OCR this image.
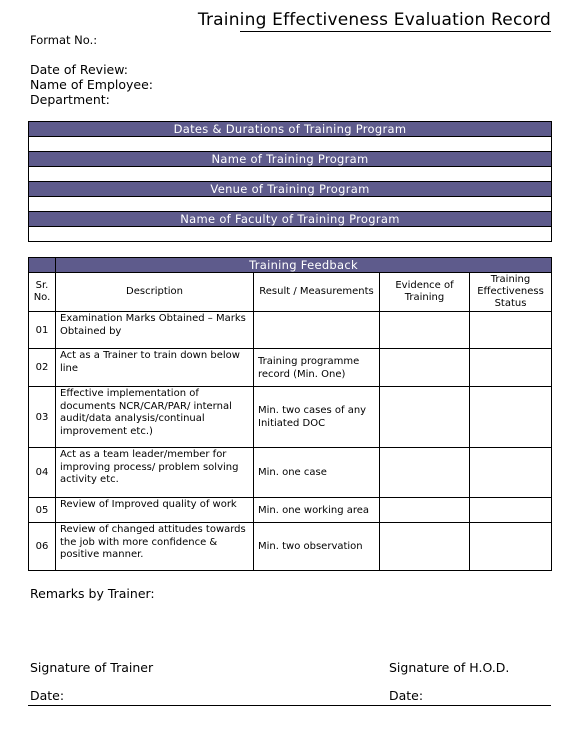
Training Effectiveness Evaluation Record
Format No.:
Date of Review:
Name of Employee:
Department:
Dates & Durations of Training Program
Name of Training Program
Venue of Training Program
Name of Faculty of Training Program
	Training Feedback			
Sr. No.	Description	Result / Measurements	Evidence of Training	Training Effectiveness Status
01	Examination Marks Obtained – Marks Obtained by			
02	Act as a Trainer to train down below line	Training programme record (Min. One)		
03	Effective implementation of documents NCR/CAR/PAR/ internal audit/data analysis/continual improvement etc.)	Min. two cases of any Initiated DOC		
04	Act as a team leader/member for improving process/ problem solving activity etc.	Min. one case		
05	Review of Improved quality of work	Min. one working area		
06	Review of changed attitudes towards the job with more confidence & positive manner.	Min. two observation		
Remarks by Trainer:
Signature of Trainer	Signature of H.O.D.
Date:	Date:
